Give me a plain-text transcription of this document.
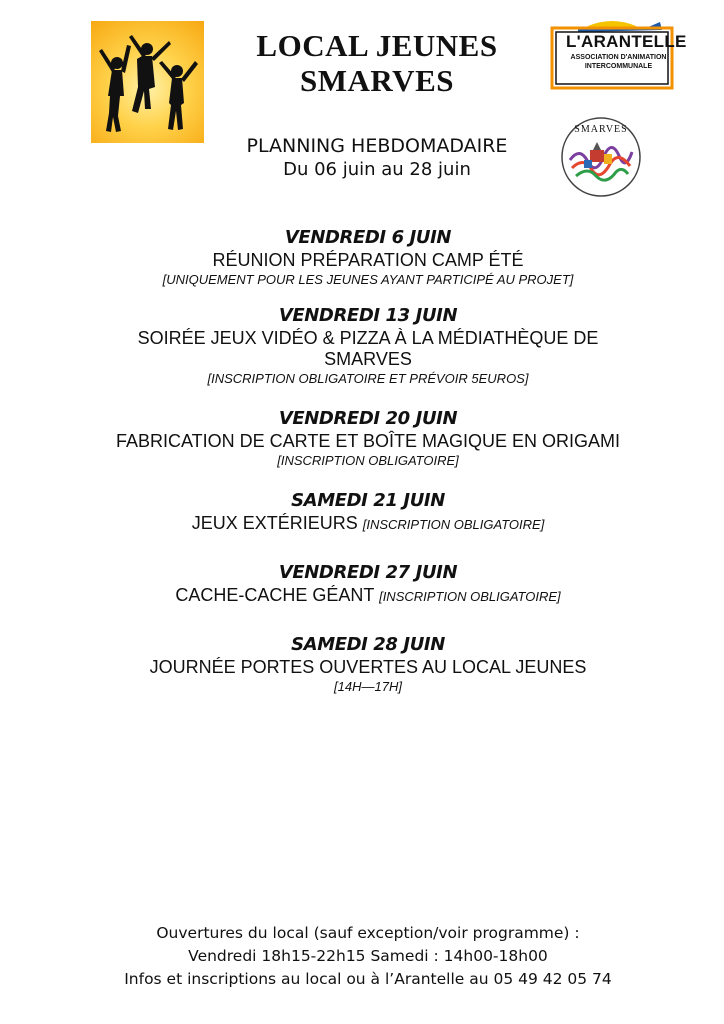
LOCAL JEUNES
SMARVES
PLANNING HEBDOMADAIRE
Du 06 juin au 28 juin
L'ARANTELLE
ASSOCIATION D'ANIMATION
INTERCOMMUNALE
SMARVES
VENDREDI 6 JUIN
RÉUNION PRÉPARATION CAMP ÉTÉ
[UNIQUEMENT POUR LES JEUNES AYANT PARTICIPÉ AU PROJET]
VENDREDI 13 JUIN
SOIRÉE JEUX VIDÉO & PIZZA À LA MÉDIATHÈQUE DE
SMARVES
[INSCRIPTION OBLIGATOIRE ET PRÉVOIR 5EUROS]
VENDREDI 20 JUIN
FABRICATION DE CARTE ET BOÎTE MAGIQUE EN ORIGAMI
[INSCRIPTION OBLIGATOIRE]
SAMEDI 21 JUIN
JEUX EXTÉRIEURS [INSCRIPTION OBLIGATOIRE]
VENDREDI 27 JUIN
CACHE-CACHE GÉANT [INSCRIPTION OBLIGATOIRE]
SAMEDI 28 JUIN
JOURNÉE PORTES OUVERTES AU LOCAL JEUNES
[14H—17H]
Ouvertures du local (sauf exception/voir programme) :
Vendredi 18h15-22h15 Samedi : 14h00-18h00
Infos et inscriptions au local ou à l’Arantelle au 05 49 42 05 74
